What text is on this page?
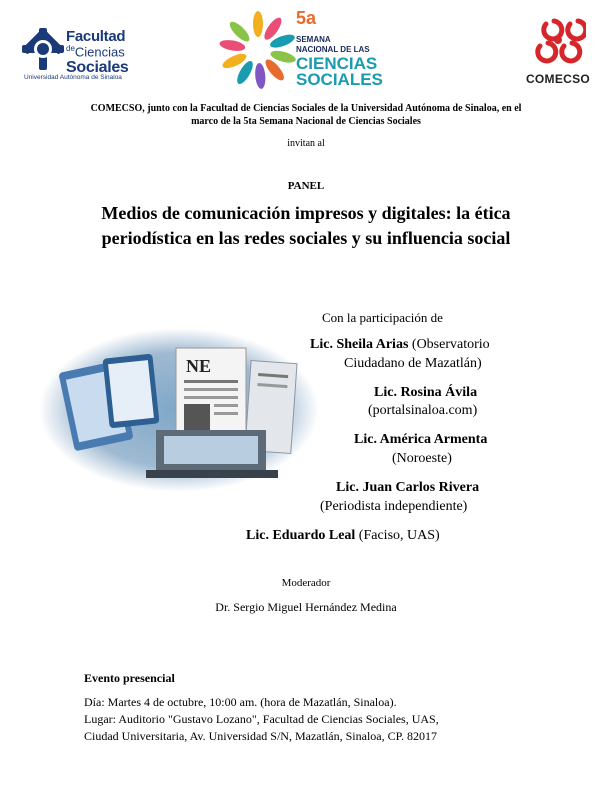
Facultad
$^{de}$Ciencias
Sociales
Universidad Autónoma de Sinaloa
5a
SEMANA
NACIONAL DE LAS
CIENCIAS
SOCIALES	COMECSO
COMECSO, junto con la Facultad de Ciencias Sociales de la Universidad Autónoma de Sinaloa, en el marco de la 5ta Semana Nacional de Ciencias Sociales
invitan al
PANEL
Medios de comunicación impresos y digitales: la ética periodística en las redes sociales y su influencia social
NE
Con la participación de
Lic. Sheila Arias (Observatorio
Ciudadano de Mazatlán)
Lic. Rosina Ávila
(portalsinaloa.com)
Lic. América Armenta
(Noroeste)
Lic. Juan Carlos Rivera
(Periodista independiente)
Lic. Eduardo Leal (Faciso, UAS)
Moderador
Dr. Sergio Miguel Hernández Medina
Evento presencial
Día: Martes 4 de octubre, 10:00 am. (hora de Mazatlán, Sinaloa).
Lugar: Auditorio "Gustavo Lozano", Facultad de Ciencias Sociales, UAS,
Ciudad Universitaria, Av. Universidad S/N, Mazatlán, Sinaloa, CP. 82017
